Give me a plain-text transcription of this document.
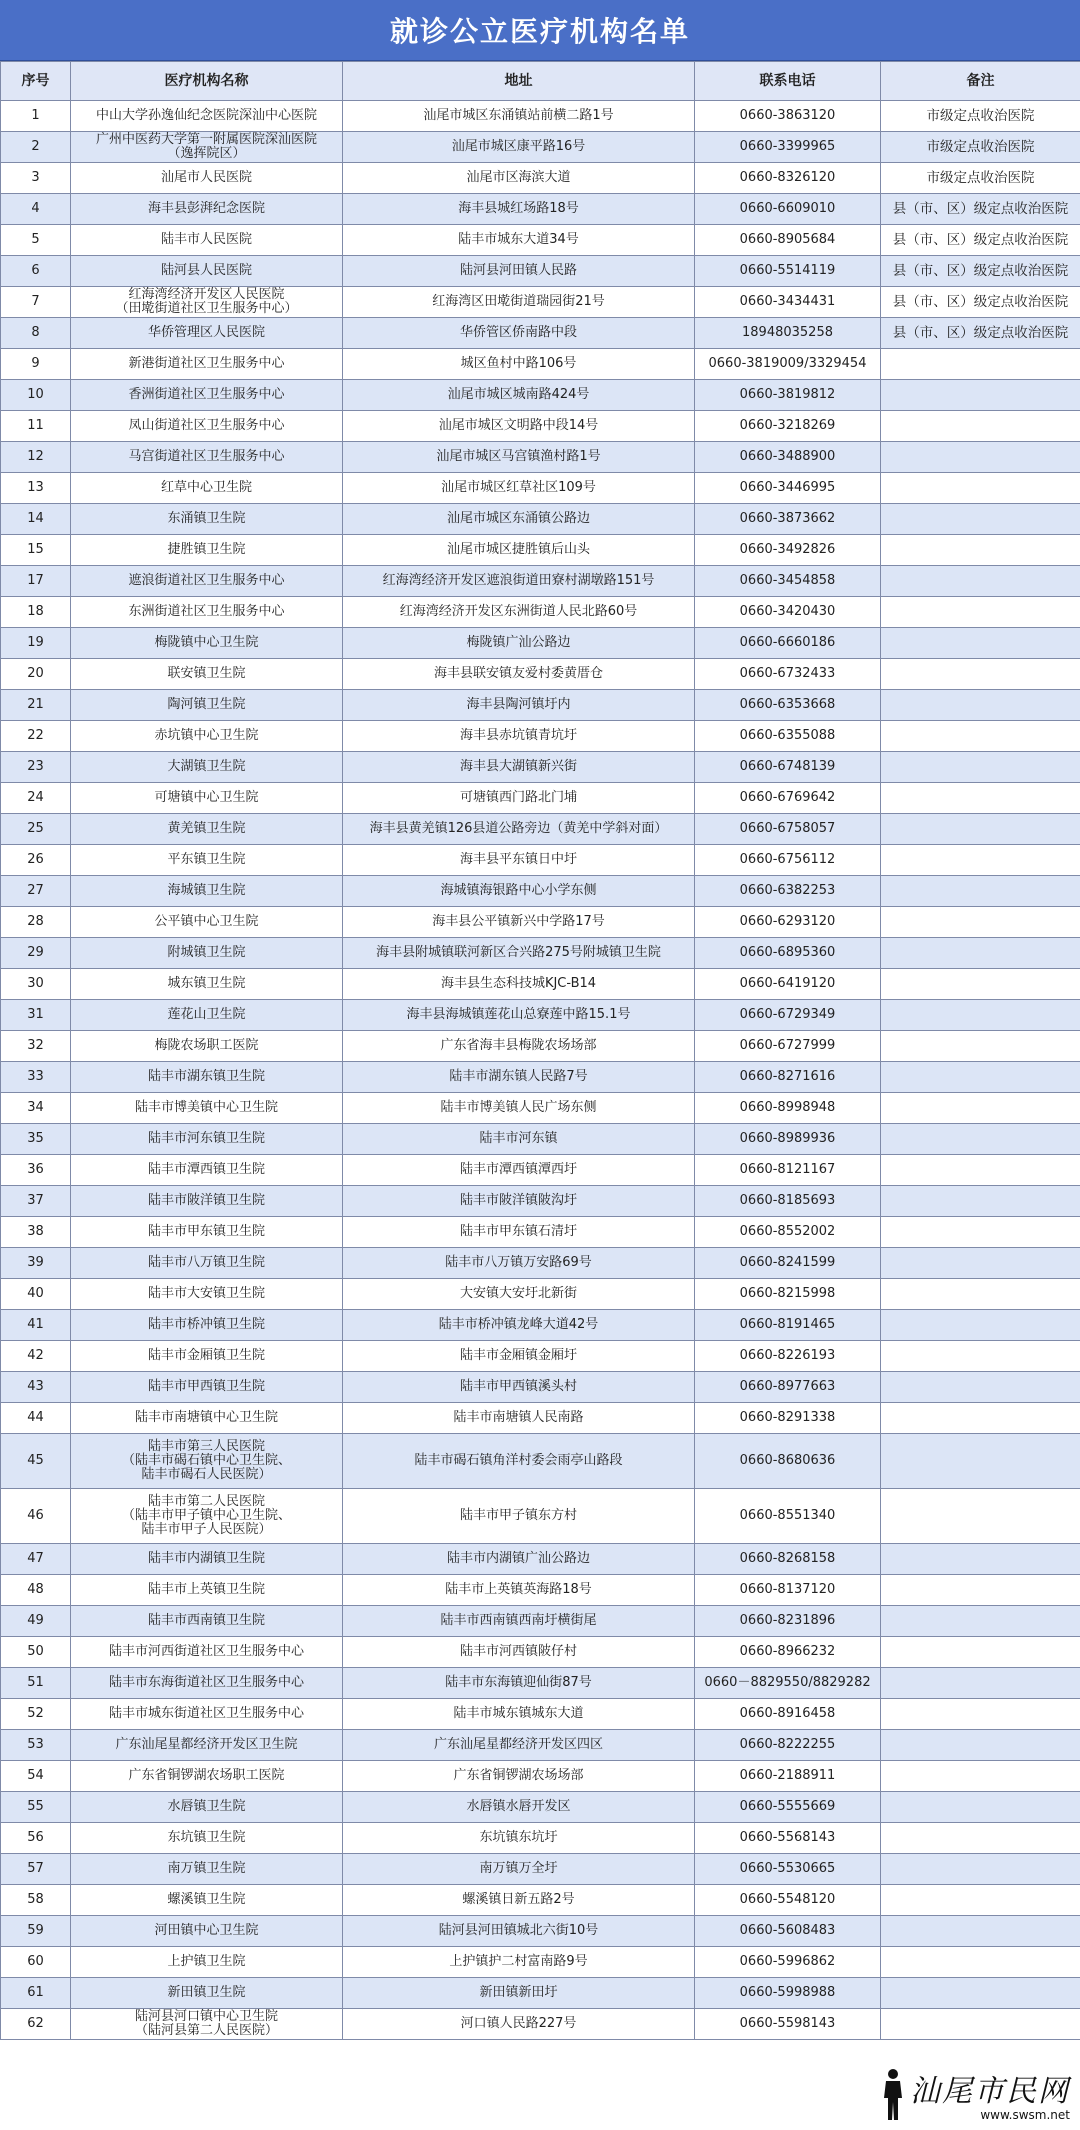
就诊公立医疗机构名单
序号	医疗机构名称	地址	联系电话	备注
1	中山大学孙逸仙纪念医院深汕中心医院	汕尾市城区东涌镇站前横二路1号	0660-3863120	市级定点收治医院
2	广州中医药大学第一附属医院深汕医院
（逸挥院区）	汕尾市城区康平路16号	0660-3399965	市级定点收治医院
3	汕尾市人民医院	汕尾市区海滨大道	0660-8326120	市级定点收治医院
4	海丰县彭湃纪念医院	海丰县城红场路18号	0660-6609010	县（市、区）级定点收治医院
5	陆丰市人民医院	陆丰市城东大道34号	0660-8905684	县（市、区）级定点收治医院
6	陆河县人民医院	陆河县河田镇人民路	0660-5514119	县（市、区）级定点收治医院
7	红海湾经济开发区人民医院
（田墘街道社区卫生服务中心）	红海湾区田墘街道瑞园街21号	0660-3434431	县（市、区）级定点收治医院
8	华侨管理区人民医院	华侨管区侨南路中段	18948035258	县（市、区）级定点收治医院
9	新港街道社区卫生服务中心	城区鱼村中路106号	0660-3819009/3329454	
10	香洲街道社区卫生服务中心	汕尾市城区城南路424号	0660-3819812	
11	凤山街道社区卫生服务中心	汕尾市城区文明路中段14号	0660-3218269	
12	马宫街道社区卫生服务中心	汕尾市城区马宫镇渔村路1号	0660-3488900	
13	红草中心卫生院	汕尾市城区红草社区109号	0660-3446995	
14	东涌镇卫生院	汕尾市城区东涌镇公路边	0660-3873662	
15	捷胜镇卫生院	汕尾市城区捷胜镇后山头	0660-3492826	
17	遮浪街道社区卫生服务中心	红海湾经济开发区遮浪街道田寮村湖墩路151号	0660-3454858	
18	东洲街道社区卫生服务中心	红海湾经济开发区东洲街道人民北路60号	0660-3420430	
19	梅陇镇中心卫生院	梅陇镇广汕公路边	0660-6660186	
20	联安镇卫生院	海丰县联安镇友爱村委黄厝仓	0660-6732433	
21	陶河镇卫生院	海丰县陶河镇圩内	0660-6353668	
22	赤坑镇中心卫生院	海丰县赤坑镇青坑圩	0660-6355088	
23	大湖镇卫生院	海丰县大湖镇新兴街	0660-6748139	
24	可塘镇中心卫生院	可塘镇西门路北门埔	0660-6769642	
25	黄羌镇卫生院	海丰县黄羌镇126县道公路旁边（黄羌中学斜对面）	0660-6758057	
26	平东镇卫生院	海丰县平东镇日中圩	0660-6756112	
27	海城镇卫生院	海城镇海银路中心小学东侧	0660-6382253	
28	公平镇中心卫生院	海丰县公平镇新兴中学路17号	0660-6293120	
29	附城镇卫生院	海丰县附城镇联河新区合兴路275号附城镇卫生院	0660-6895360	
30	城东镇卫生院	海丰县生态科技城KJC-B14	0660-6419120	
31	莲花山卫生院	海丰县海城镇莲花山总寮莲中路15.1号	0660-6729349	
32	梅陇农场职工医院	广东省海丰县梅陇农场场部	0660-6727999	
33	陆丰市湖东镇卫生院	陆丰市湖东镇人民路7号	0660-8271616	
34	陆丰市博美镇中心卫生院	陆丰市博美镇人民广场东侧	0660-8998948	
35	陆丰市河东镇卫生院	陆丰市河东镇	0660-8989936	
36	陆丰市潭西镇卫生院	陆丰市潭西镇潭西圩	0660-8121167	
37	陆丰市陂洋镇卫生院	陆丰市陂洋镇陂沟圩	0660-8185693	
38	陆丰市甲东镇卫生院	陆丰市甲东镇石清圩	0660-8552002	
39	陆丰市八万镇卫生院	陆丰市八万镇万安路69号	0660-8241599	
40	陆丰市大安镇卫生院	大安镇大安圩北新街	0660-8215998	
41	陆丰市桥冲镇卫生院	陆丰市桥冲镇龙峰大道42号	0660-8191465	
42	陆丰市金厢镇卫生院	陆丰市金厢镇金厢圩	0660-8226193	
43	陆丰市甲西镇卫生院	陆丰市甲西镇溪头村	0660-8977663	
44	陆丰市南塘镇中心卫生院	陆丰市南塘镇人民南路	0660-8291338	
45	陆丰市第三人民医院
（陆丰市碣石镇中心卫生院、
陆丰市碣石人民医院）	陆丰市碣石镇角洋村委会雨亭山路段	0660-8680636	
46	陆丰市第二人民医院
（陆丰市甲子镇中心卫生院、
陆丰市甲子人民医院）	陆丰市甲子镇东方村	0660-8551340	
47	陆丰市内湖镇卫生院	陆丰市内湖镇广汕公路边	0660-8268158	
48	陆丰市上英镇卫生院	陆丰市上英镇英海路18号	0660-8137120	
49	陆丰市西南镇卫生院	陆丰市西南镇西南圩横街尾	0660-8231896	
50	陆丰市河西街道社区卫生服务中心	陆丰市河西镇陂仔村	0660-8966232	
51	陆丰市东海街道社区卫生服务中心	陆丰市东海镇迎仙街87号	0660－8829550/8829282	
52	陆丰市城东街道社区卫生服务中心	陆丰市城东镇城东大道	0660-8916458	
53	广东汕尾星都经济开发区卫生院	广东汕尾星都经济开发区四区	0660-8222255	
54	广东省铜锣湖农场职工医院	广东省铜锣湖农场场部	0660-2188911	
55	水唇镇卫生院	水唇镇水唇开发区	0660-5555669	
56	东坑镇卫生院	东坑镇东坑圩	0660-5568143	
57	南万镇卫生院	南万镇万全圩	0660-5530665	
58	螺溪镇卫生院	螺溪镇日新五路2号	0660-5548120	
59	河田镇中心卫生院	陆河县河田镇城北六街10号	0660-5608483	
60	上护镇卫生院	上护镇护二村富南路9号	0660-5996862	
61	新田镇卫生院	新田镇新田圩	0660-5998988	
62	陆河县河口镇中心卫生院
（陆河县第二人民医院）	河口镇人民路227号	0660-5598143	
汕尾市民网
www.swsm.net
